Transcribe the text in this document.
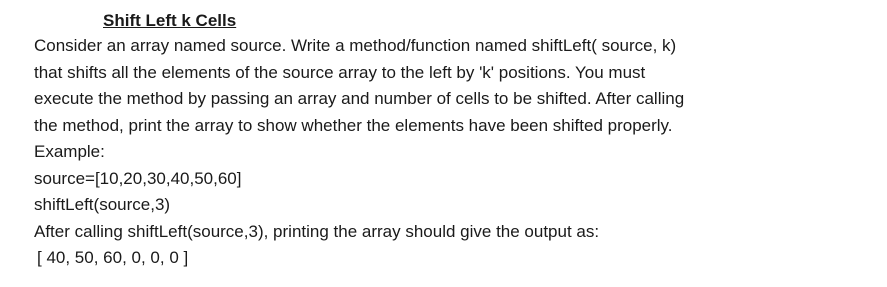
Shift Left k Cells

Consider an array named source. Write a method/function named shiftLeft( source, k)
that shifts all the elements of the source array to the left by 'k' positions. You must
execute the method by passing an array and number of cells to be shifted. After calling
the method, print the array to show whether the elements have been shifted properly.
Example:

source=[10,20,30,40,50,60]
shiftLeft(source,3)
After calling shiftLeft(source,3), printing the array should give the output as:
[ 40, 50, 60, 0, 0, 0 ]
